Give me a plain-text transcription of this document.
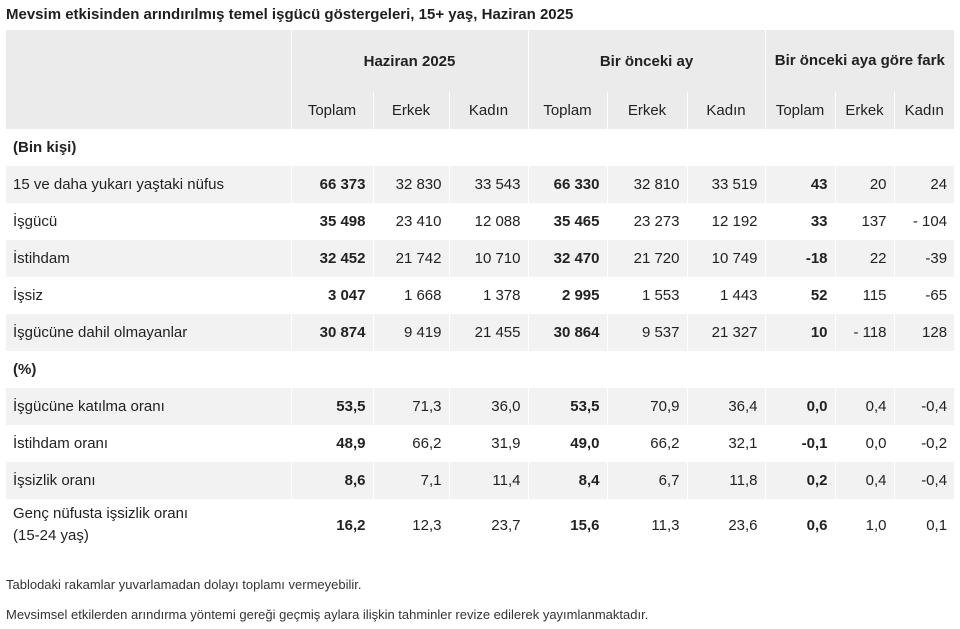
Mevsim etkisinden arındırılmış temel işgücü göstergeleri, 15+ yaş, Haziran 2025
	Haziran 2025			Bir önceki ay			Bir önceki aya göre fark		
	Toplam	Erkek	Kadın	Toplam	Erkek	Kadın	Toplam	Erkek	Kadın
(Bin kişi)									
15 ve daha yukarı yaştaki nüfus	66 373	32 830	33 543	66 330	32 810	33 519	43	20	24
İşgücü	35 498	23 410	12 088	35 465	23 273	12 192	33	137	- 104
İstihdam	32 452	21 742	10 710	32 470	21 720	10 749	-18	22	-39
İşsiz	3 047	1 668	1 378	2 995	1 553	1 443	52	115	-65
İşgücüne dahil olmayanlar	30 874	9 419	21 455	30 864	9 537	21 327	10	- 118	128
(%)									
İşgücüne katılma oranı	53,5	71,3	36,0	53,5	70,9	36,4	0,0	0,4	-0,4
İstihdam oranı	48,9	66,2	31,9	49,0	66,2	32,1	-0,1	0,0	-0,2
İşsizlik oranı	8,6	7,1	11,4	8,4	6,7	11,8	0,2	0,4	-0,4
Genç nüfusta işsizlik oranı
(15-24 yaş)	16,2	12,3	23,7	15,6	11,3	23,6	0,6	1,0	0,1
Tablodaki rakamlar yuvarlamadan dolayı toplamı vermeyebilir.
Mevsimsel etkilerden arındırma yöntemi gereği geçmiş aylara ilişkin tahminler revize edilerek yayımlanmaktadır.
